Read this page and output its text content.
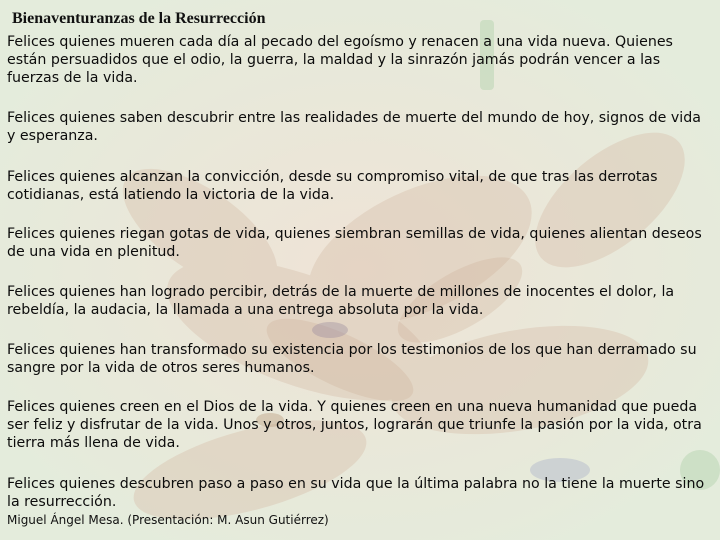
Bienaventuranzas de la Resurrección

Felices quienes mueren cada día al pecado del egoísmo y renacen a una vida nueva. Quienes están persuadidos que el odio, la guerra, la maldad y la sinrazón jamás podrán vencer a las fuerzas de la vida.

Felices quienes saben descubrir entre las realidades de muerte del mundo de hoy, signos de vida y esperanza.

Felices quienes alcanzan la convicción, desde su compromiso vital, de que tras las derrotas cotidianas, está latiendo la victoria de la vida.

Felices quienes riegan gotas de vida, quienes siembran semillas de vida, quienes alientan deseos de una vida en plenitud.

Felices quienes han logrado percibir, detrás de la muerte de millones de inocentes el dolor, la rebeldía, la audacia, la llamada a una entrega absoluta por la vida.

Felices quienes han transformado su existencia por los testimonios de los que han derramado su sangre por la vida de otros seres humanos.

Felices quienes creen en el Dios de la vida. Y quienes creen en una nueva humanidad que pueda ser feliz y disfrutar de la vida. Unos y otros, juntos, lograrán que triunfe la pasión por la vida, otra tierra más llena de vida.

Felices quienes descubren paso a paso en su vida que la última palabra no la tiene la muerte sino la resurrección.

Miguel Ángel Mesa. (Presentación: M. Asun Gutiérrez)
